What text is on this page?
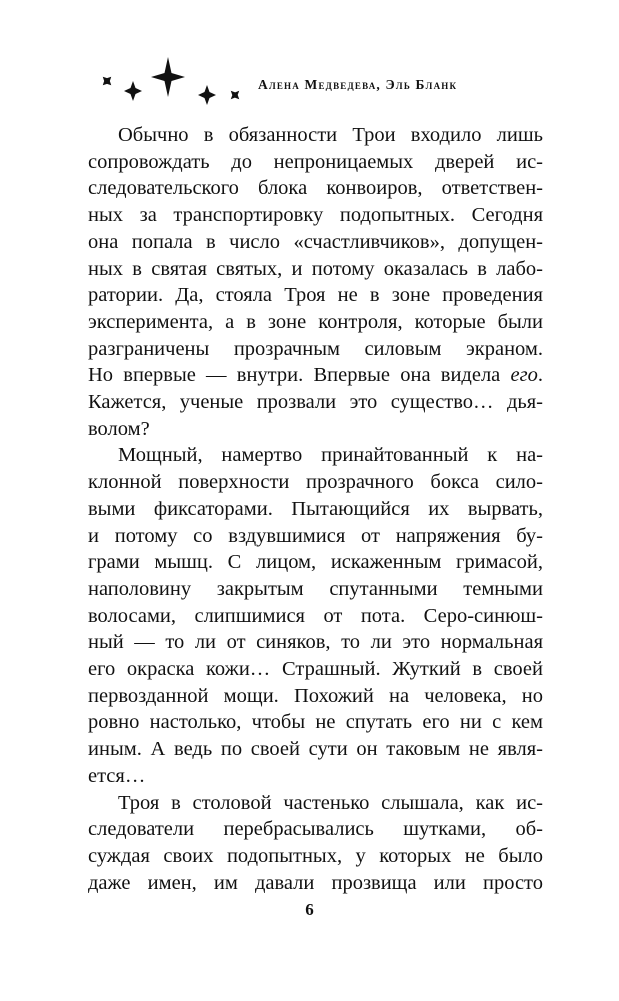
Алена Медведева, Эль Бланк
Обычно в обязанности Трои входило лишь
сопровождать до непроницаемых дверей ис-
следовательского блока конвоиров, ответствен-
ных за транспортировку подопытных. Сегодня
она попала в число «счастливчиков», допущен-
ных в святая святых, и потому оказалась в лабо-
ратории. Да, стояла Троя не в зоне проведения
эксперимента, а в зоне контроля, которые были
разграничены прозрачным силовым экраном.
Но впервые — внутри. Впервые она видела его.
Кажется, ученые прозвали это существо… дья-
волом?
Мощный, намертво принайтованный к на-
клонной поверхности прозрачного бокса сило-
выми фиксаторами. Пытающийся их вырвать,
и потому со вздувшимися от напряжения бу-
грами мышц. С лицом, искаженным гримасой,
наполовину закрытым спутанными темными
волосами, слипшимися от пота. Серо-синюш-
ный — то ли от синяков, то ли это нормальная
его окраска кожи… Страшный. Жуткий в своей
первозданной мощи. Похожий на человека, но
ровно настолько, чтобы не спутать его ни с кем
иным. А ведь по своей сути он таковым не явля-
ется…
Троя в столовой частенько слышала, как ис-
следователи перебрасывались шутками, об-
суждая своих подопытных, у которых не было
даже имен, им давали прозвища или просто
6
